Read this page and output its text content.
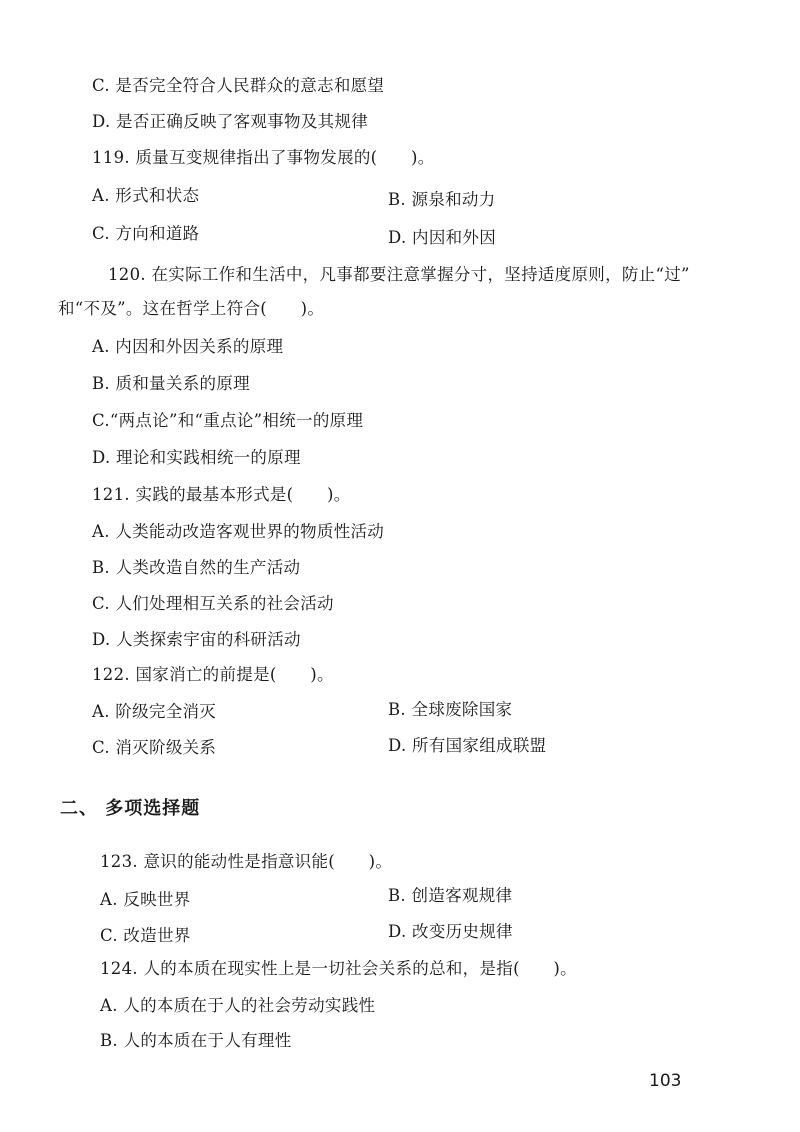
C. 是否完全符合人民群众的意志和愿望
D. 是否正确反映了客观事物及其规律
119. 质量互变规律指出了事物发展的(　　)。
A. 形式和状态	B. 源泉和动力
C. 方向和道路	D. 内因和外因
120. 在实际工作和生活中，凡事都要注意掌握分寸，坚持适度原则，防止“过”
和“不及”。这在哲学上符合(　　)。
A. 内因和外因关系的原理
B. 质和量关系的原理
C.“两点论”和“重点论”相统一的原理
D. 理论和实践相统一的原理
121. 实践的最基本形式是(　　)。
A. 人类能动改造客观世界的物质性活动
B. 人类改造自然的生产活动
C. 人们处理相互关系的社会活动
D. 人类探索宇宙的科研活动
122. 国家消亡的前提是(　　)。
A. 阶级完全消灭	B. 全球废除国家
C. 消灭阶级关系	D. 所有国家组成联盟
二、 多项选择题
123. 意识的能动性是指意识能(　　)。
A. 反映世界	B. 创造客观规律
C. 改造世界	D. 改变历史规律
124. 人的本质在现实性上是一切社会关系的总和，是指(　　)。
A. 人的本质在于人的社会劳动实践性
B. 人的本质在于人有理性
103
